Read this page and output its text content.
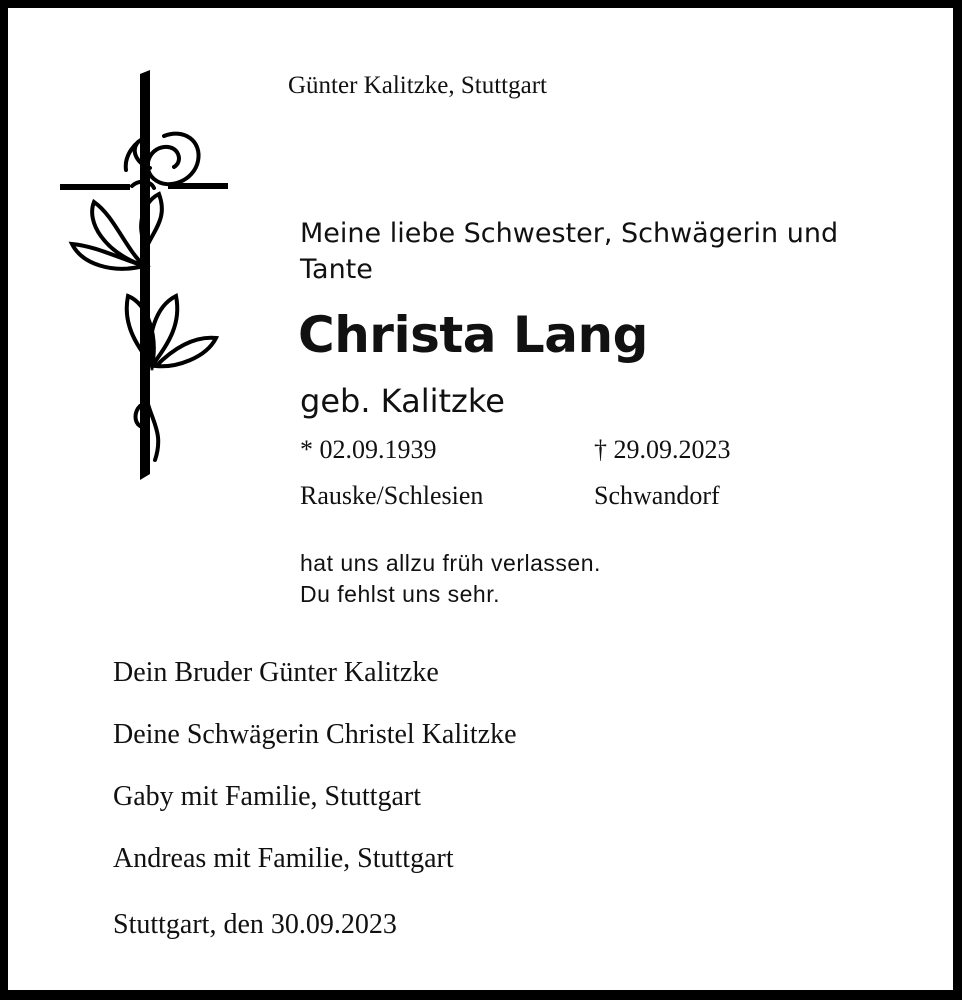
Günter Kalitzke, Stuttgart
Meine liebe Schwester, Schwägerin und
Tante
Christa Lang
geb. Kalitzke
* 02.09.1939	† 29.09.2023
Rauske/Schlesien	Schwandorf
hat uns allzu früh verlassen.
Du fehlst uns sehr.
Dein Bruder Günter Kalitzke
Deine Schwägerin Christel Kalitzke
Gaby mit Familie, Stuttgart
Andreas mit Familie, Stuttgart
Stuttgart, den 30.09.2023
